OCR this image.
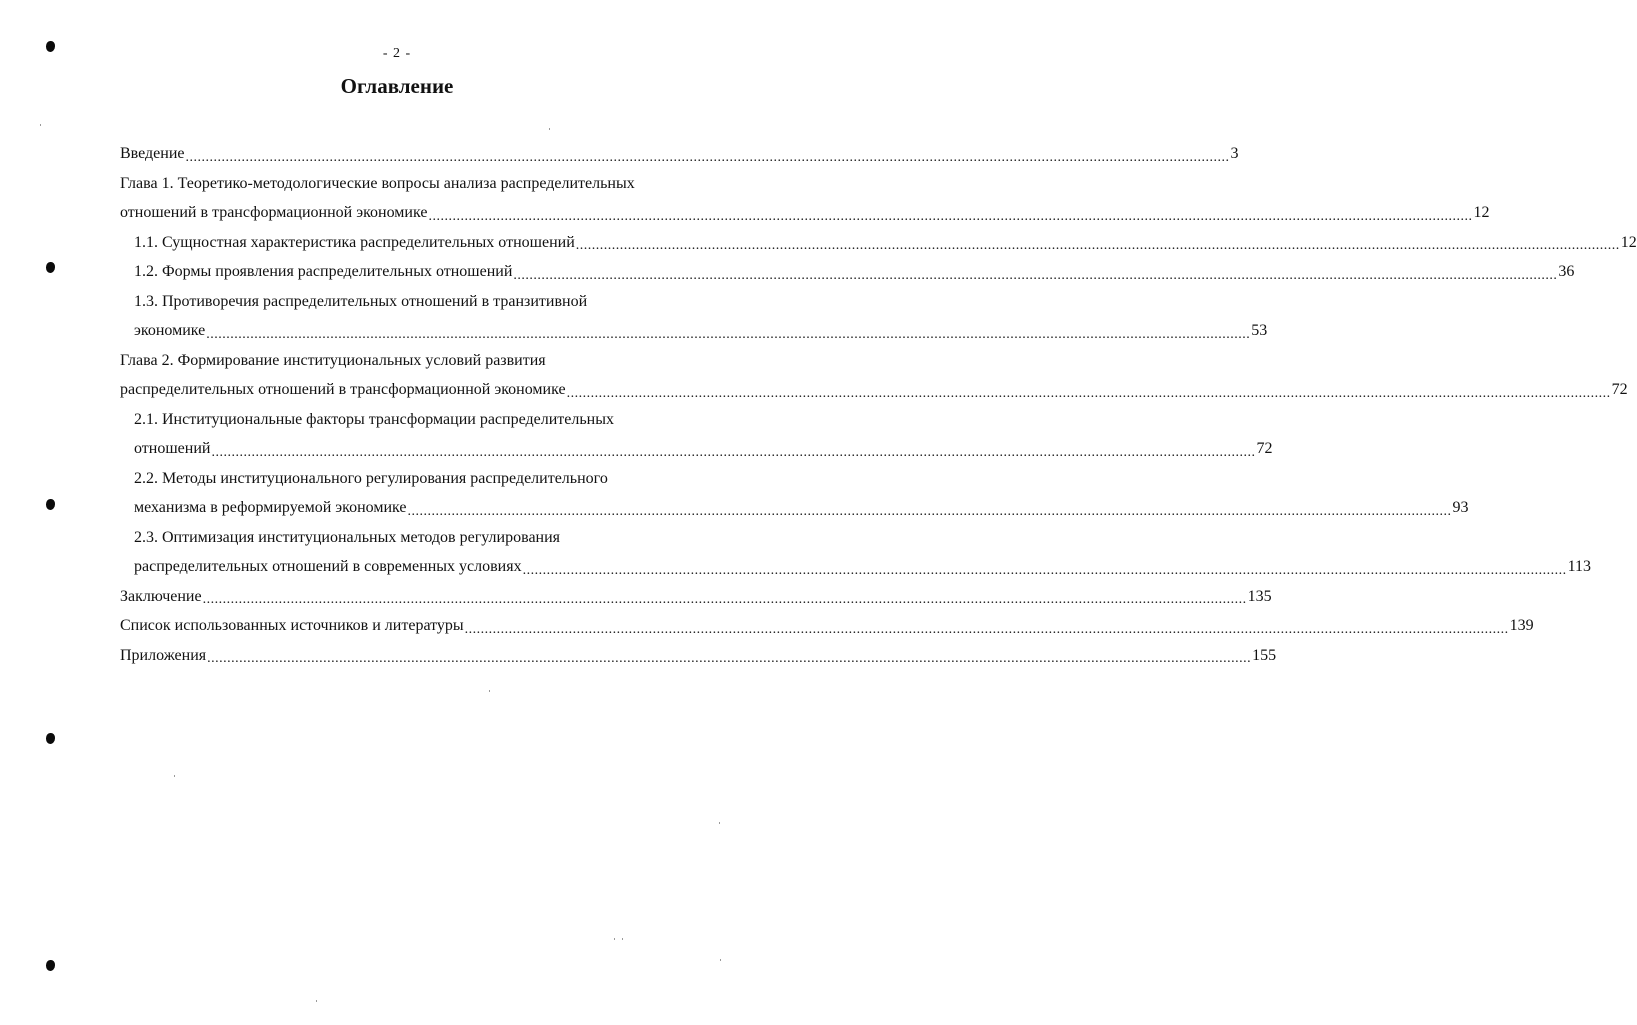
- 2 -
Оглавление
Введение .....	3
Глава 1. Теоретико-методологические вопросы анализа распределительных
отношений в трансформационной экономике .....	12
1.1. Сущностная характеристика распределительных отношений .....	12
1.2. Формы проявления распределительных отношений .....	36
1.3. Противоречия распределительных отношений в транзитивной
экономике .....	53
Глава 2. Формирование институциональных условий развития
распределительных отношений в трансформационной экономике .....	72
2.1. Институциональные факторы трансформации распределительных
отношений .....	72
2.2. Методы институционального регулирования распределительного
механизма в реформируемой экономике .....	93
2.3. Оптимизация институциональных методов регулирования
распределительных отношений в современных условиях .....	113
Заключение .....	135
Список использованных источников и литературы .....	139
Приложения .....	155
